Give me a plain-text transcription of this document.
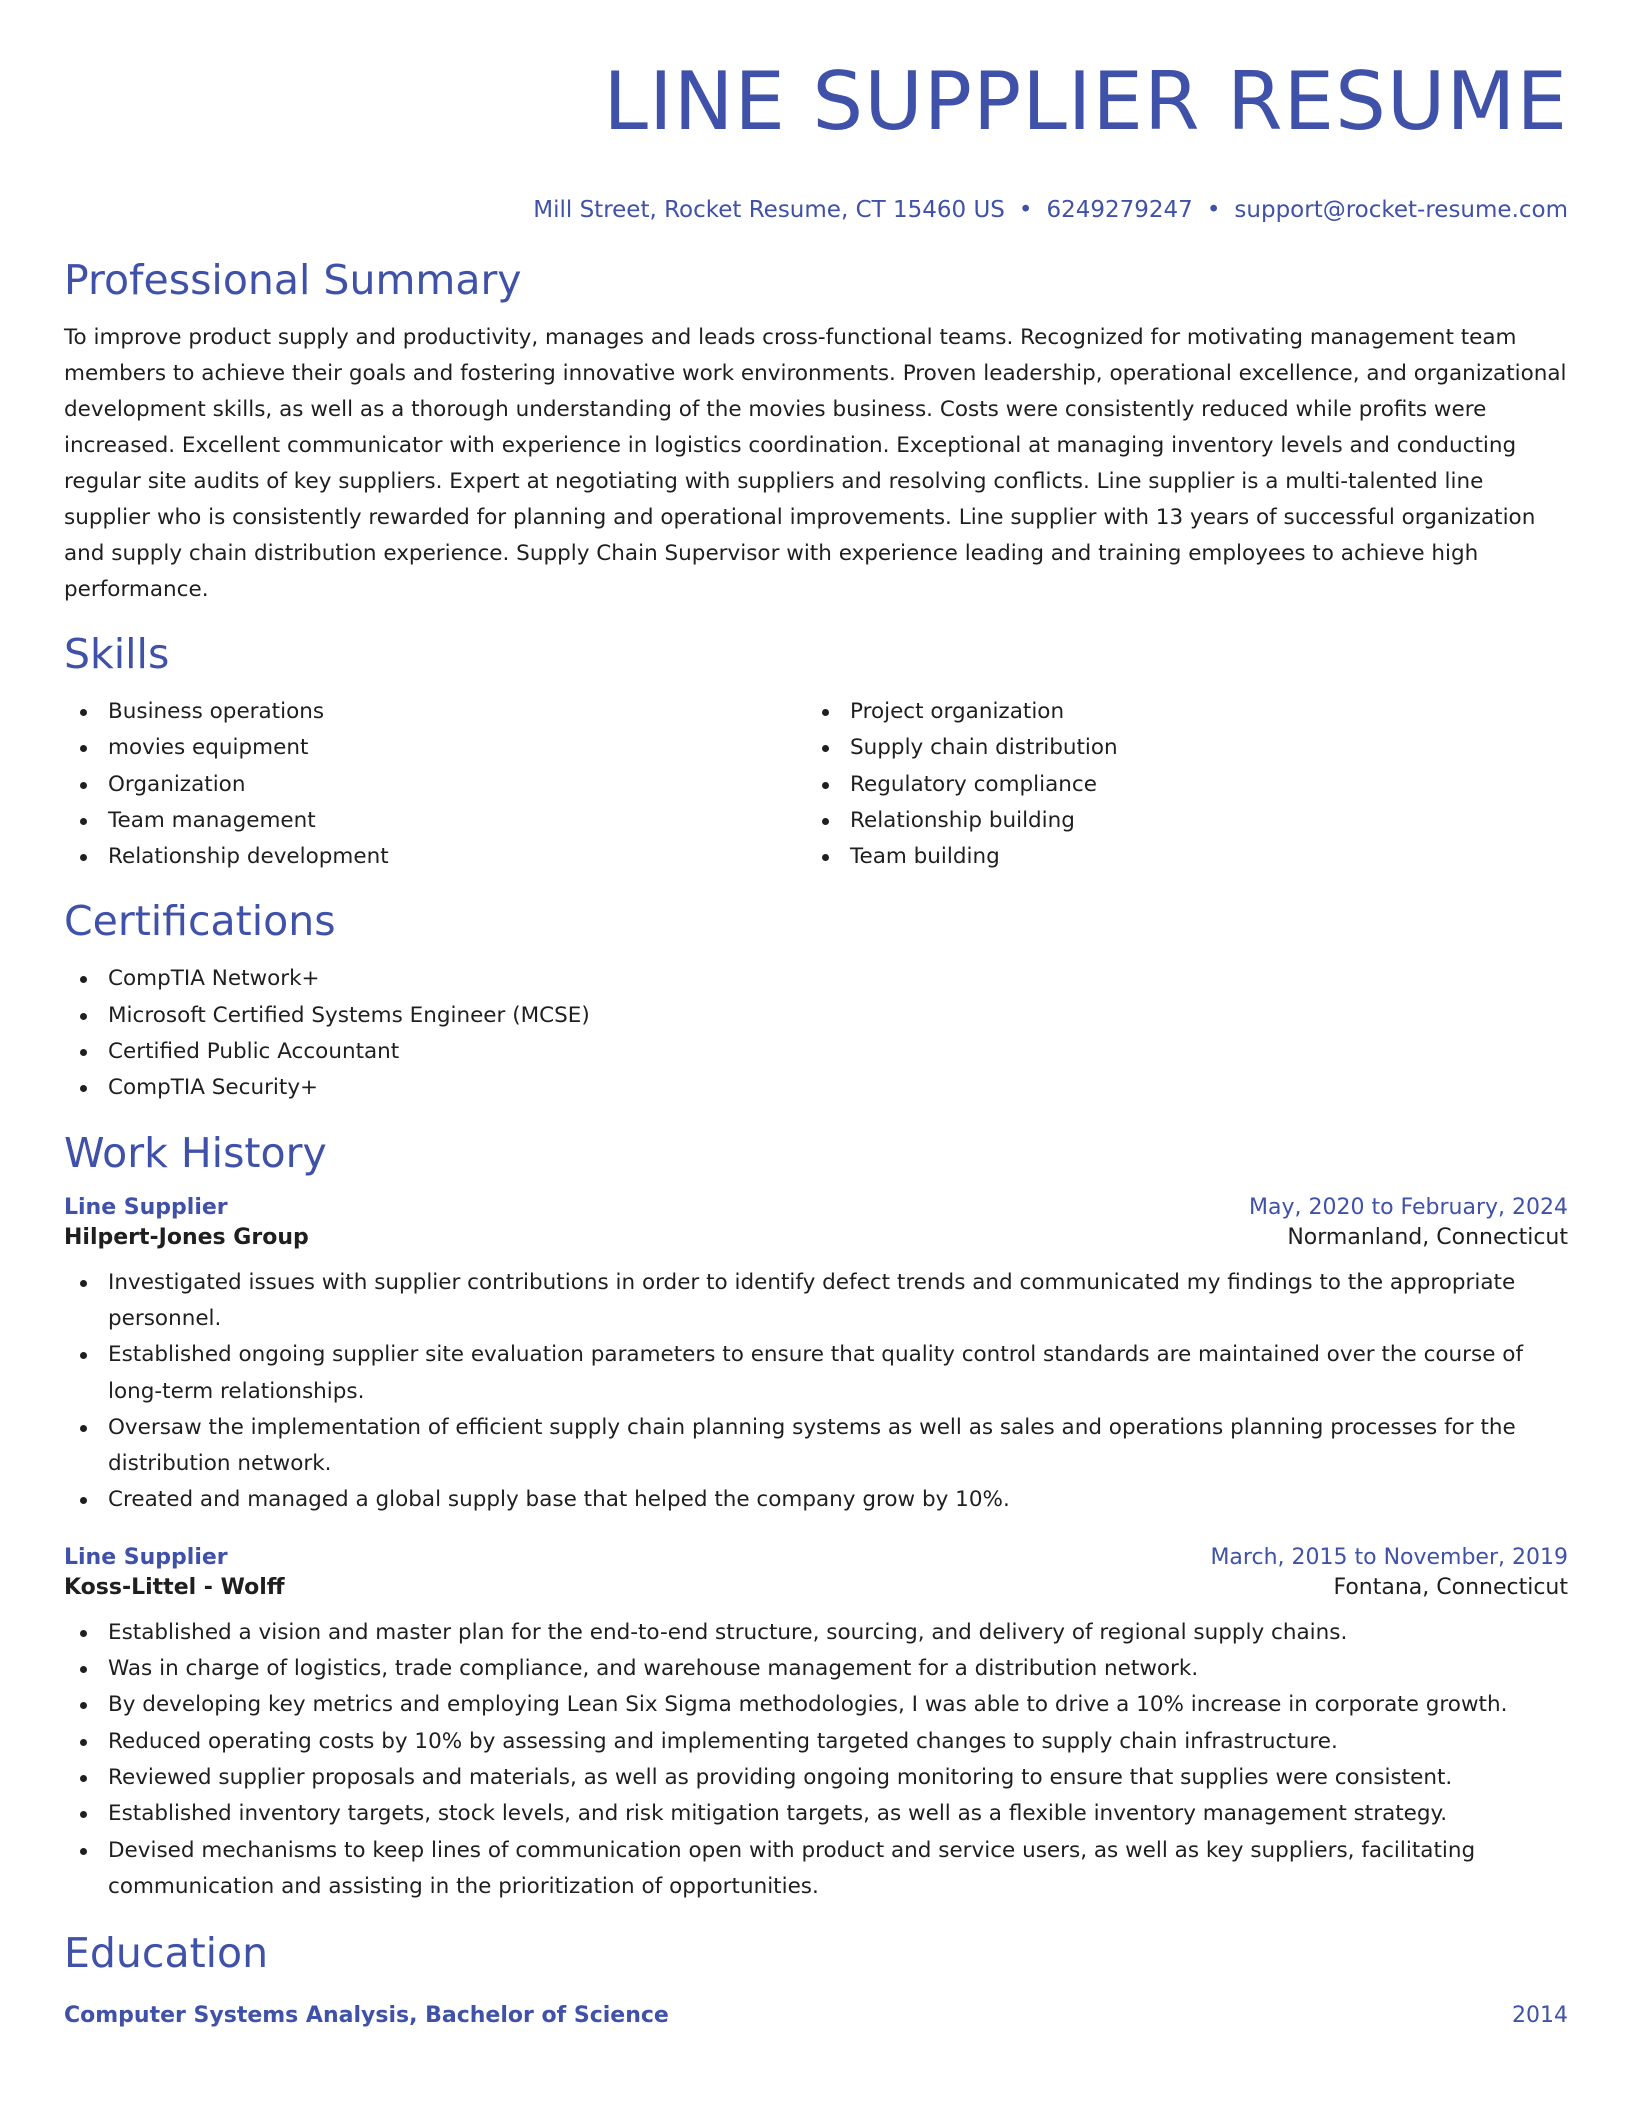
LINE SUPPLIER RESUME
Mill Street, Rocket Resume, CT 15460 US • 6249279247 • support@rocket-resume.com
Professional Summary

To improve product supply and productivity, manages and leads cross-functional teams. Recognized for motivating management team members to achieve their goals and fostering innovative work environments. Proven leadership, operational excellence, and organizational development skills, as well as a thorough understanding of the movies business. Costs were consistently reduced while profits were increased. Excellent communicator with experience in logistics coordination. Exceptional at managing inventory levels and conducting regular site audits of key suppliers. Expert at negotiating with suppliers and resolving conflicts. Line supplier is a multi-talented line supplier who is consistently rewarded for planning and operational improvements. Line supplier with 13 years of successful organization and supply chain distribution experience. Supply Chain Supervisor with experience leading and training employees to achieve high performance.

Skills
Business operations
movies equipment
Organization
Team management
Relationship development
Project organization
Supply chain distribution
Regulatory compliance
Relationship building
Team building
Certifications
CompTIA Network+
Microsoft Certified Systems Engineer (MCSE)
Certified Public Accountant
CompTIA Security+
Work History
Line Supplier	May, 2020 to February, 2024
Hilpert-Jones Group	Normanland, Connecticut
Investigated issues with supplier contributions in order to identify defect trends and communicated my findings to the appropriate personnel.
Established ongoing supplier site evaluation parameters to ensure that quality control standards are maintained over the course of long-term relationships.
Oversaw the implementation of efficient supply chain planning systems as well as sales and operations planning processes for the distribution network.
Created and managed a global supply base that helped the company grow by 10%.
Line Supplier	March, 2015 to November, 2019
Koss-Littel - Wolff	Fontana, Connecticut
Established a vision and master plan for the end-to-end structure, sourcing, and delivery of regional supply chains.
Was in charge of logistics, trade compliance, and warehouse management for a distribution network.
By developing key metrics and employing Lean Six Sigma methodologies, I was able to drive a 10% increase in corporate growth.
Reduced operating costs by 10% by assessing and implementing targeted changes to supply chain infrastructure.
Reviewed supplier proposals and materials, as well as providing ongoing monitoring to ensure that supplies were consistent.
Established inventory targets, stock levels, and risk mitigation targets, as well as a flexible inventory management strategy.
Devised mechanisms to keep lines of communication open with product and service users, as well as key suppliers, facilitating communication and assisting in the prioritization of opportunities.
Education
Computer Systems Analysis, Bachelor of Science	2014
